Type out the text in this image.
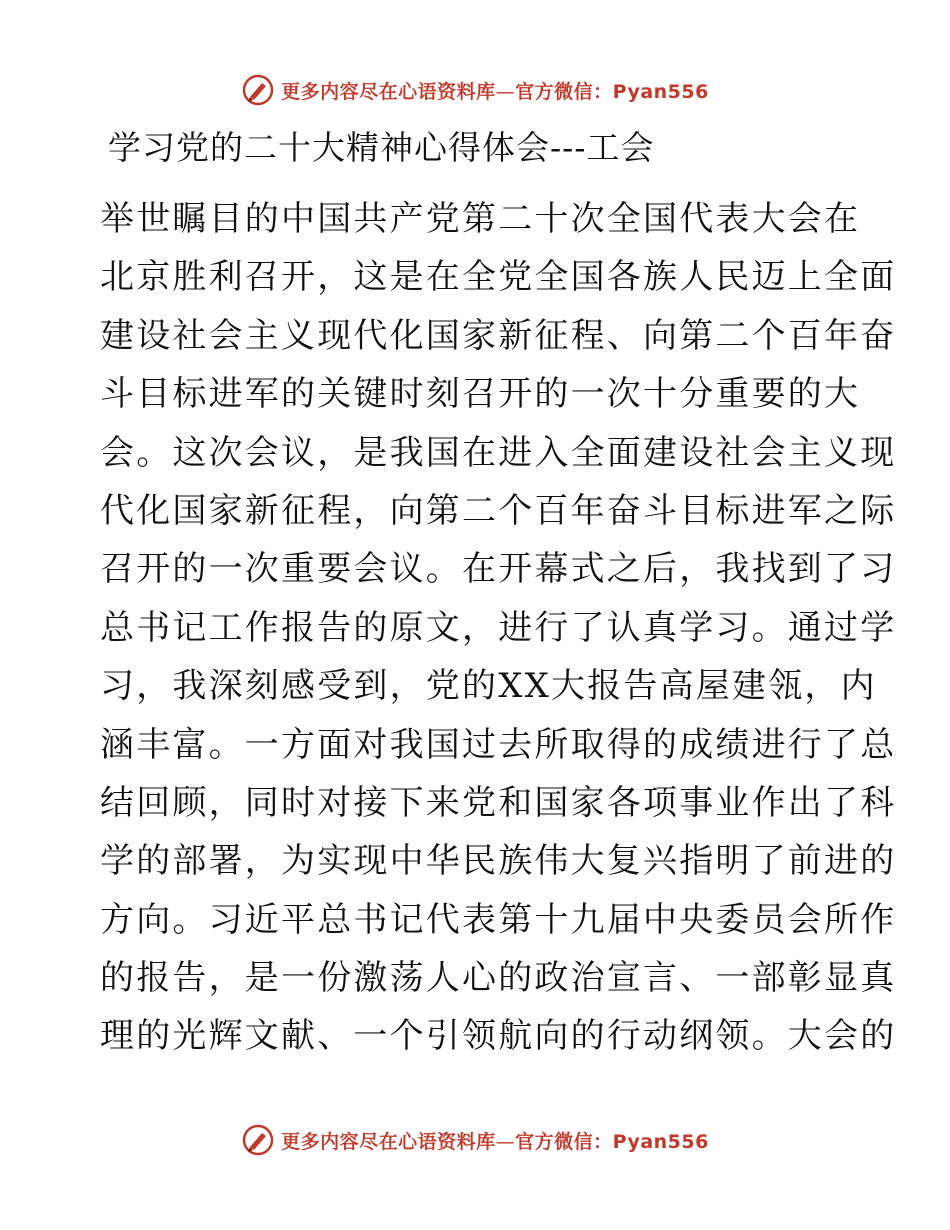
更多内容尽在心语资料库—官方微信：Pyan556
学习党的二十大精神心得体会---工会
举世瞩目的中国共产党第二十次全国代表大会在
北京胜利召开，这是在全党全国各族人民迈上全面
建设社会主义现代化国家新征程、向第二个百年奋
斗目标进军的关键时刻召开的一次十分重要的大
会。这次会议，是我国在进入全面建设社会主义现
代化国家新征程，向第二个百年奋斗目标进军之际
召开的一次重要会议。在开幕式之后，我找到了习
总书记工作报告的原文，进行了认真学习。通过学
习，我深刻感受到，党的XX大报告高屋建瓴，内
涵丰富。一方面对我国过去所取得的成绩进行了总
结回顾，同时对接下来党和国家各项事业作出了科
学的部署，为实现中华民族伟大复兴指明了前进的
方向。习近平总书记代表第十九届中央委员会所作
的报告，是一份激荡人心的政治宣言、一部彰显真
理的光辉文献、一个引领航向的行动纲领。大会的
更多内容尽在心语资料库—官方微信：Pyan556
